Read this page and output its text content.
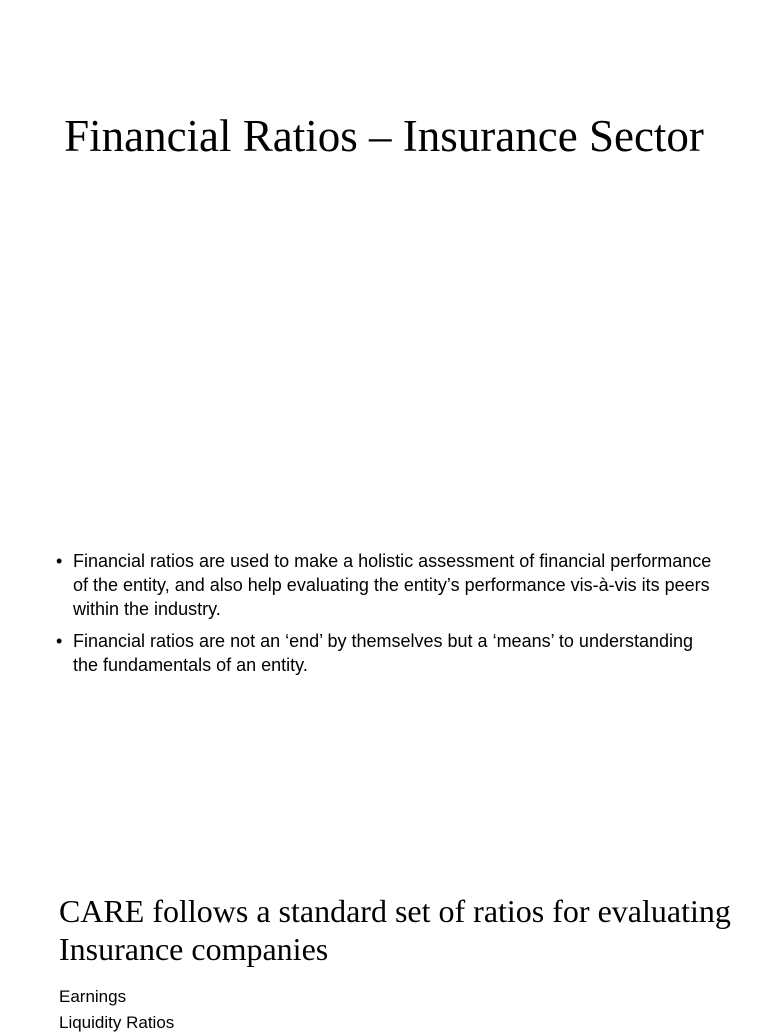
Financial Ratios – Insurance Sector
• Financial ratios are used to make a holistic assessment of financial performance of the entity, and also help evaluating the entity’s performance vis-à-vis its peers within the industry.
• Financial ratios are not an ‘end’ by themselves but a ‘means’ to understanding the fundamentals of an entity.
CARE follows a standard set of ratios for evaluating Insurance companies
Earnings
Liquidity Ratios
